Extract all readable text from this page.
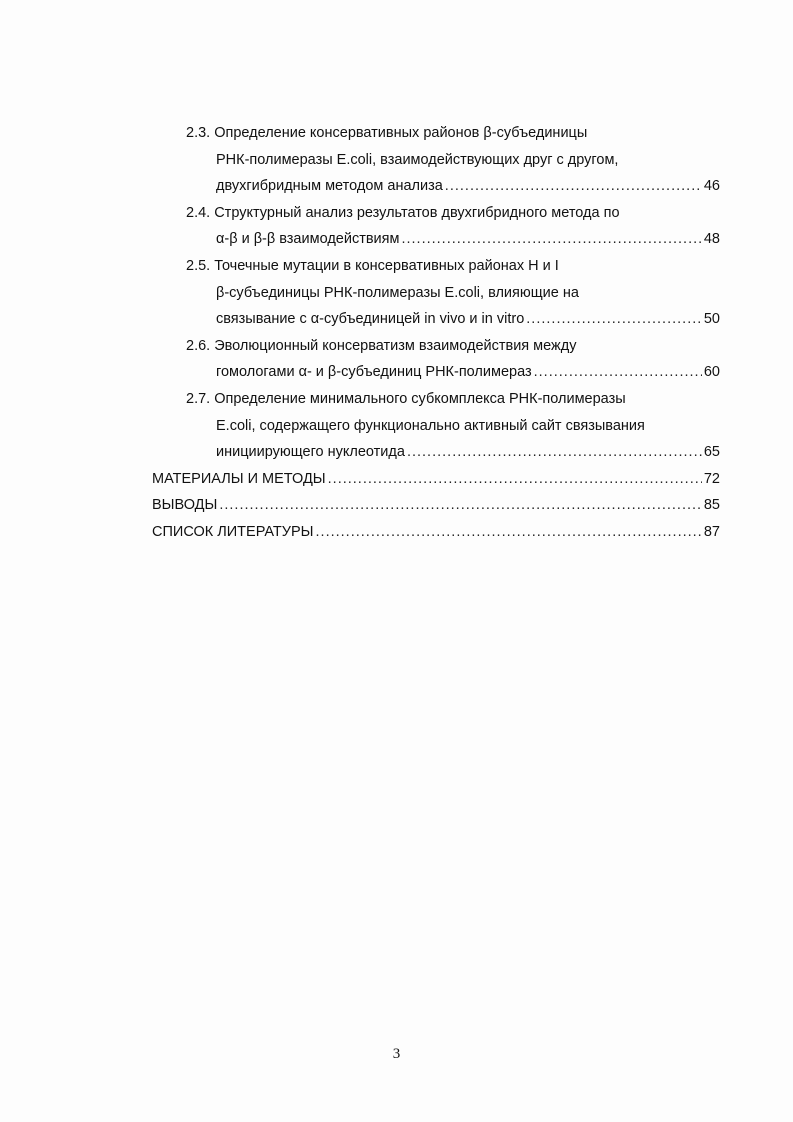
2.3. Определение консервативных районов β-субъединицы
РНК-полимеразы E.coli, взаимодействующих друг с другом,
двухгибридным методом анализа .....	46
2.4. Структурный анализ результатов двухгибридного метода по
α-β и β-β взаимодействиям .....	48
2.5. Точечные мутации в консервативных районах H и I
β-субъединицы РНК-полимеразы E.coli, влияющие на
связывание с α-субъединицей in vivo и in vitro .....	50
2.6. Эволюционный консерватизм взаимодействия между
гомологами α- и β-субъединиц РНК-полимераз .....	60
2.7. Определение минимального субкомплекса РНК-полимеразы
E.coli, содержащего функционально активный сайт связывания
инициирующего нуклеотида .....	65
МАТЕРИАЛЫ И МЕТОДЫ .....	72
ВЫВОДЫ .....	85
СПИСОК ЛИТЕРАТУРЫ .....	87
3
